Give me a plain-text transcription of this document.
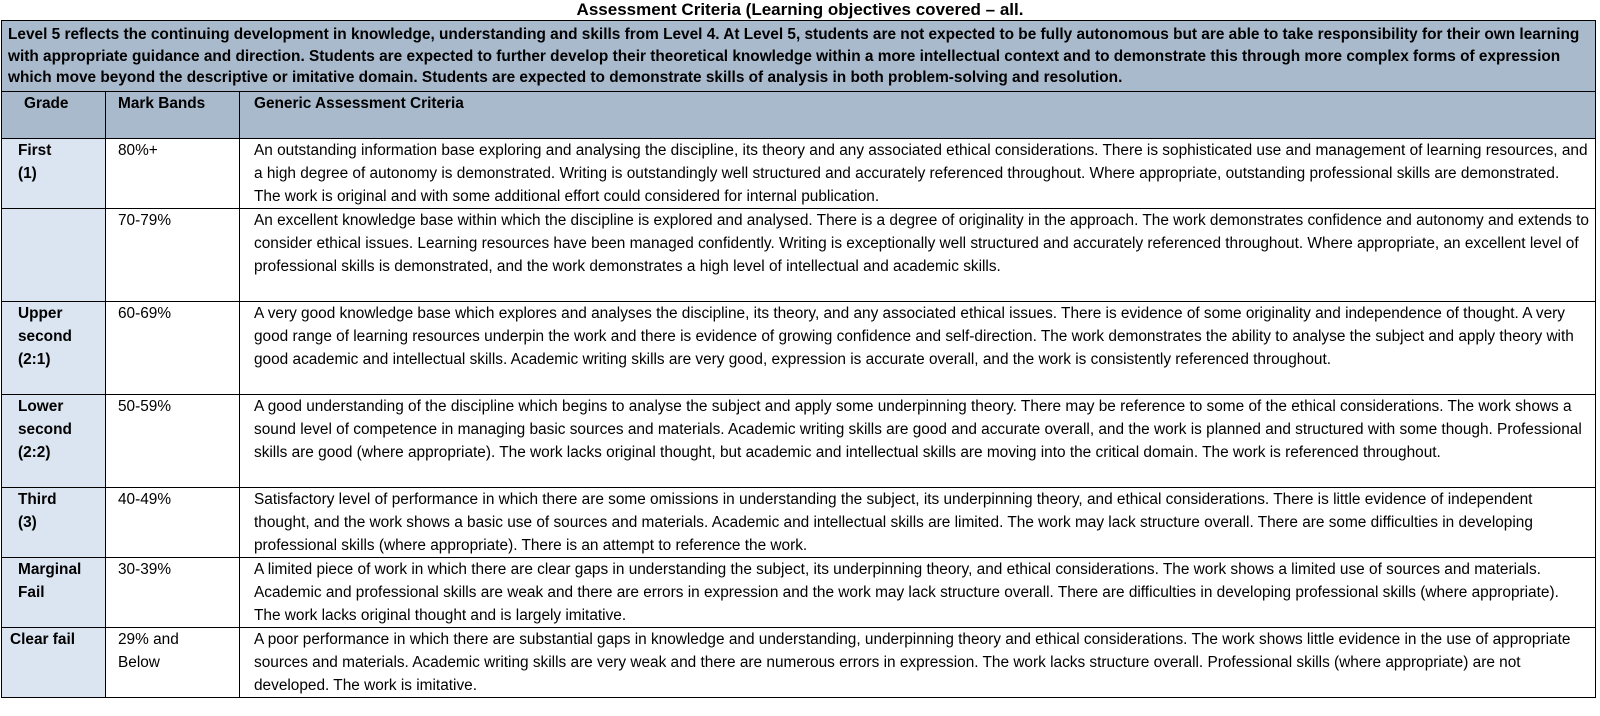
Assessment Criteria (Learning objectives covered – all.
Level 5 reflects the continuing development in knowledge, understanding and skills from Level 4. At Level 5, students are not expected to be fully autonomous but are able to take responsibility for their own learning with appropriate guidance and direction. Students are expected to further develop their theoretical knowledge within a more intellectual context and to demonstrate this through more complex forms of expression which move beyond the descriptive or imitative domain. Students are expected to demonstrate skills of analysis in both problem-solving and resolution.
Grade	Mark Bands	Generic Assessment Criteria

First
(1)	80%+	An outstanding information base exploring and analysing the discipline, its theory and any associated ethical considerations. There is sophisticated use and management of learning resources, and a high degree of autonomy is demonstrated. Writing is outstandingly well structured and accurately referenced throughout. Where appropriate, outstanding professional skills are demonstrated. The work is original and with some additional effort could considered for internal publication.

	70-79%	An excellent knowledge base within which the discipline is explored and analysed. There is a degree of originality in the approach. The work demonstrates confidence and autonomy and extends to consider ethical issues. Learning resources have been managed confidently. Writing is exceptionally well structured and accurately referenced throughout. Where appropriate, an excellent level of professional skills is demonstrated, and the work demonstrates a high level of intellectual and academic skills.

Upper second
(2:1)	60-69%	A very good knowledge base which explores and analyses the discipline, its theory, and any associated ethical issues. There is evidence of some originality and independence of thought. A very good range of learning resources underpin the work and there is evidence of growing confidence and self-direction. The work demonstrates the ability to analyse the subject and apply theory with good academic and intellectual skills. Academic writing skills are very good, expression is accurate overall, and the work is consistently referenced throughout.

Lower second
(2:2)	50-59%	A good understanding of the discipline which begins to analyse the subject and apply some underpinning theory. There may be reference to some of the ethical considerations. The work shows a sound level of competence in managing basic sources and materials. Academic writing skills are good and accurate overall, and the work is planned and structured with some though. Professional skills are good (where appropriate). The work lacks original thought, but academic and intellectual skills are moving into the critical domain. The work is referenced throughout.

Third
(3)	40-49%	Satisfactory level of performance in which there are some omissions in understanding the subject, its underpinning theory, and ethical considerations. There is little evidence of independent thought, and the work shows a basic use of sources and materials. Academic and intellectual skills are limited. The work may lack structure overall. There are some difficulties in developing professional skills (where appropriate). There is an attempt to reference the work.

Marginal Fail	30-39%	A limited piece of work in which there are clear gaps in understanding the subject, its underpinning theory, and ethical considerations. The work shows a limited use of sources and materials. Academic and professional skills are weak and there are errors in expression and the work may lack structure overall. There are difficulties in developing professional skills (where appropriate). The work lacks original thought and is largely imitative.

Clear fail	29% and Below	A poor performance in which there are substantial gaps in knowledge and understanding, underpinning theory and ethical considerations. The work shows little evidence in the use of appropriate sources and materials. Academic writing skills are very weak and there are numerous errors in expression. The work lacks structure overall. Professional skills (where appropriate) are not developed. The work is imitative.
